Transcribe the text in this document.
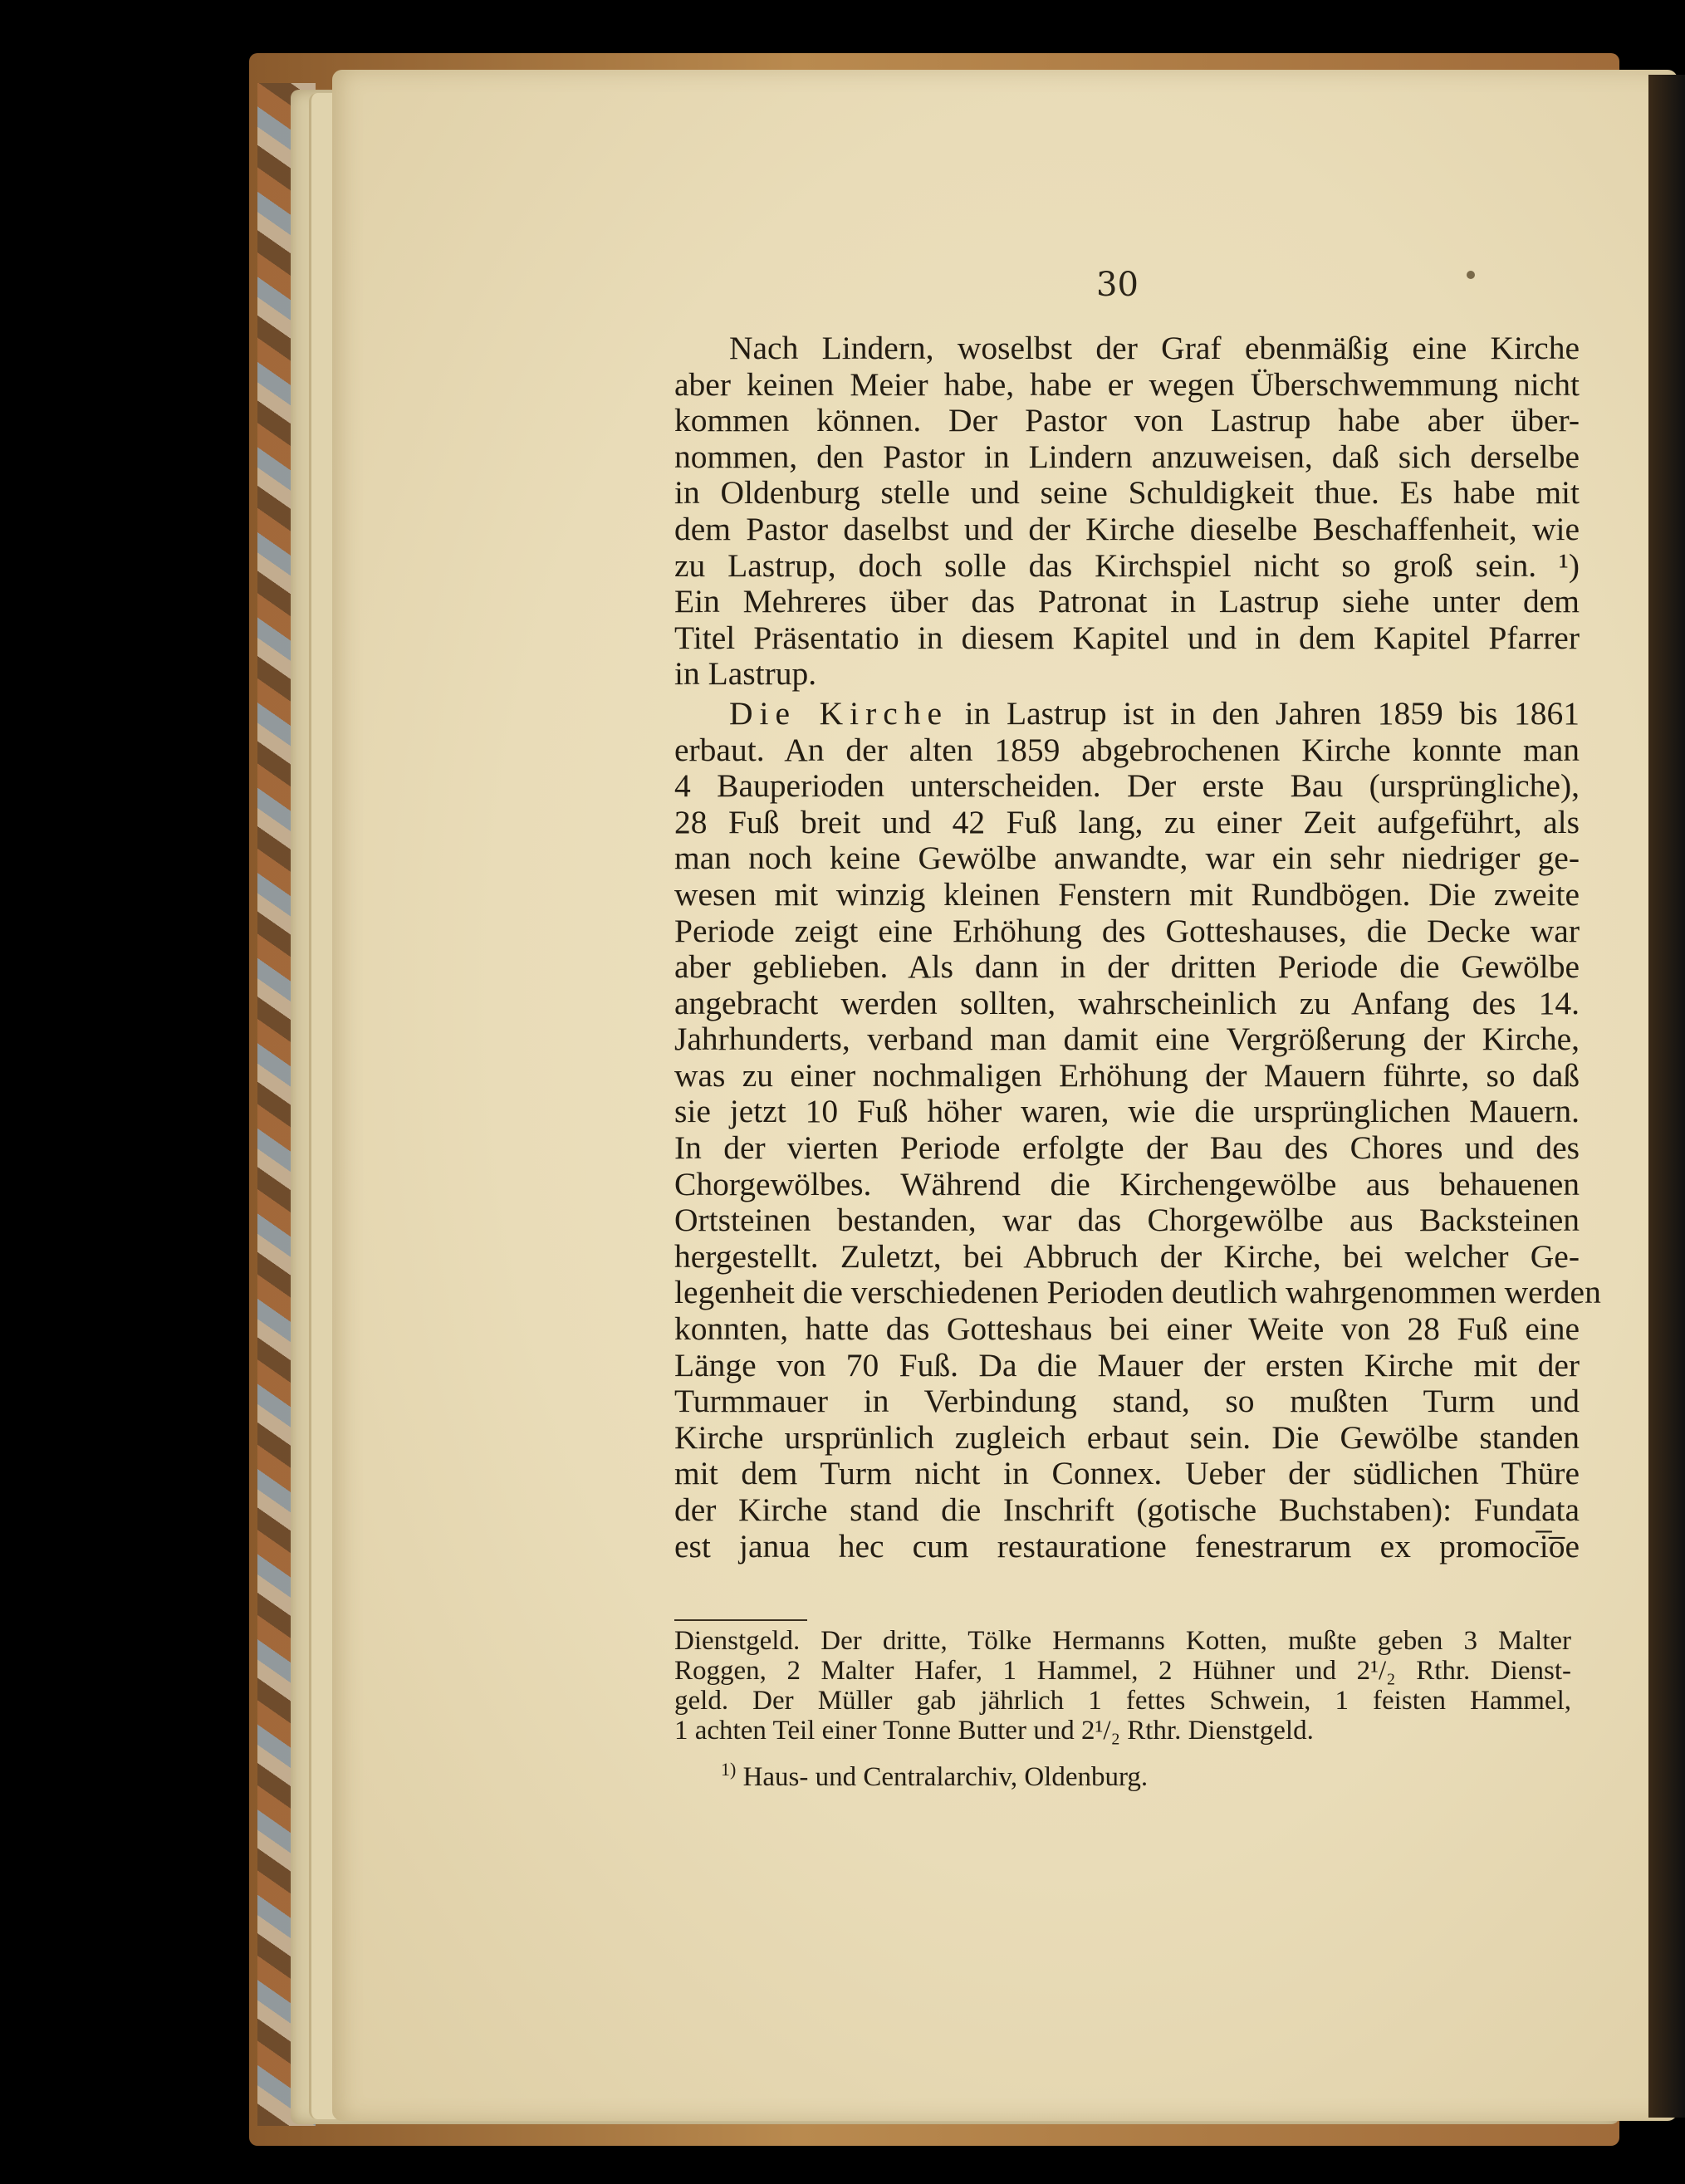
30

Nach Lindern, woselbst der Graf ebenmäßig eine Kirche
aber keinen Meier habe, habe er wegen Überschwemmung nicht
kommen können. Der Pastor von Lastrup habe aber über-
nommen, den Pastor in Lindern anzuweisen, daß sich derselbe
in Oldenburg stelle und seine Schuldigkeit thue. Es habe mit
dem Pastor daselbst und der Kirche dieselbe Beschaffenheit, wie
zu Lastrup, doch solle das Kirchspiel nicht so groß sein. ¹)
Ein Mehreres über das Patronat in Lastrup siehe unter dem
Titel Präsentatio in diesem Kapitel und in dem Kapitel Pfarrer
in Lastrup.

Die Kirche in Lastrup ist in den Jahren 1859 bis 1861
erbaut. An der alten 1859 abgebrochenen Kirche konnte man
4 Bauperioden unterscheiden. Der erste Bau (ursprüngliche),
28 Fuß breit und 42 Fuß lang, zu einer Zeit aufgeführt, als
man noch keine Gewölbe anwandte, war ein sehr niedriger ge-
wesen mit winzig kleinen Fenstern mit Rundbögen. Die zweite
Periode zeigt eine Erhöhung des Gotteshauses, die Decke war
aber geblieben. Als dann in der dritten Periode die Gewölbe
angebracht werden sollten, wahrscheinlich zu Anfang des 14.
Jahrhunderts, verband man damit eine Vergrößerung der Kirche,
was zu einer nochmaligen Erhöhung der Mauern führte, so daß
sie jetzt 10 Fuß höher waren, wie die ursprünglichen Mauern.
In der vierten Periode erfolgte der Bau des Chores und des
Chorgewölbes. Während die Kirchengewölbe aus behauenen
Ortsteinen bestanden, war das Chorgewölbe aus Backsteinen
hergestellt. Zuletzt, bei Abbruch der Kirche, bei welcher Ge-
legenheit die verschiedenen Perioden deutlich wahrgenommen werden
konnten, hatte das Gotteshaus bei einer Weite von 28 Fuß eine
Länge von 70 Fuß. Da die Mauer der ersten Kirche mit der
Turmmauer in Verbindung stand, so mußten Turm und
Kirche ursprünlich zugleich erbaut sein. Die Gewölbe standen
mit dem Turm nicht in Connex. Ueber der südlichen Thüre
der Kirche stand die Inschrift (gotische Buchstaben): Fundata
est janua hec cum restauratione fenestrarum ex promoci̅o̅e

Dienstgeld. Der dritte, Tölke Hermanns Kotten, mußte geben 3 Malter
Roggen, 2 Malter Hafer, 1 Hammel, 2 Hühner und 2¹/₂ Rthr. Dienst-
geld. Der Müller gab jährlich 1 fettes Schwein, 1 feisten Hammel,
1 achten Teil einer Tonne Butter und 2¹/₂ Rthr. Dienstgeld.
$^{1)}$ Haus- und Centralarchiv, Oldenburg.
